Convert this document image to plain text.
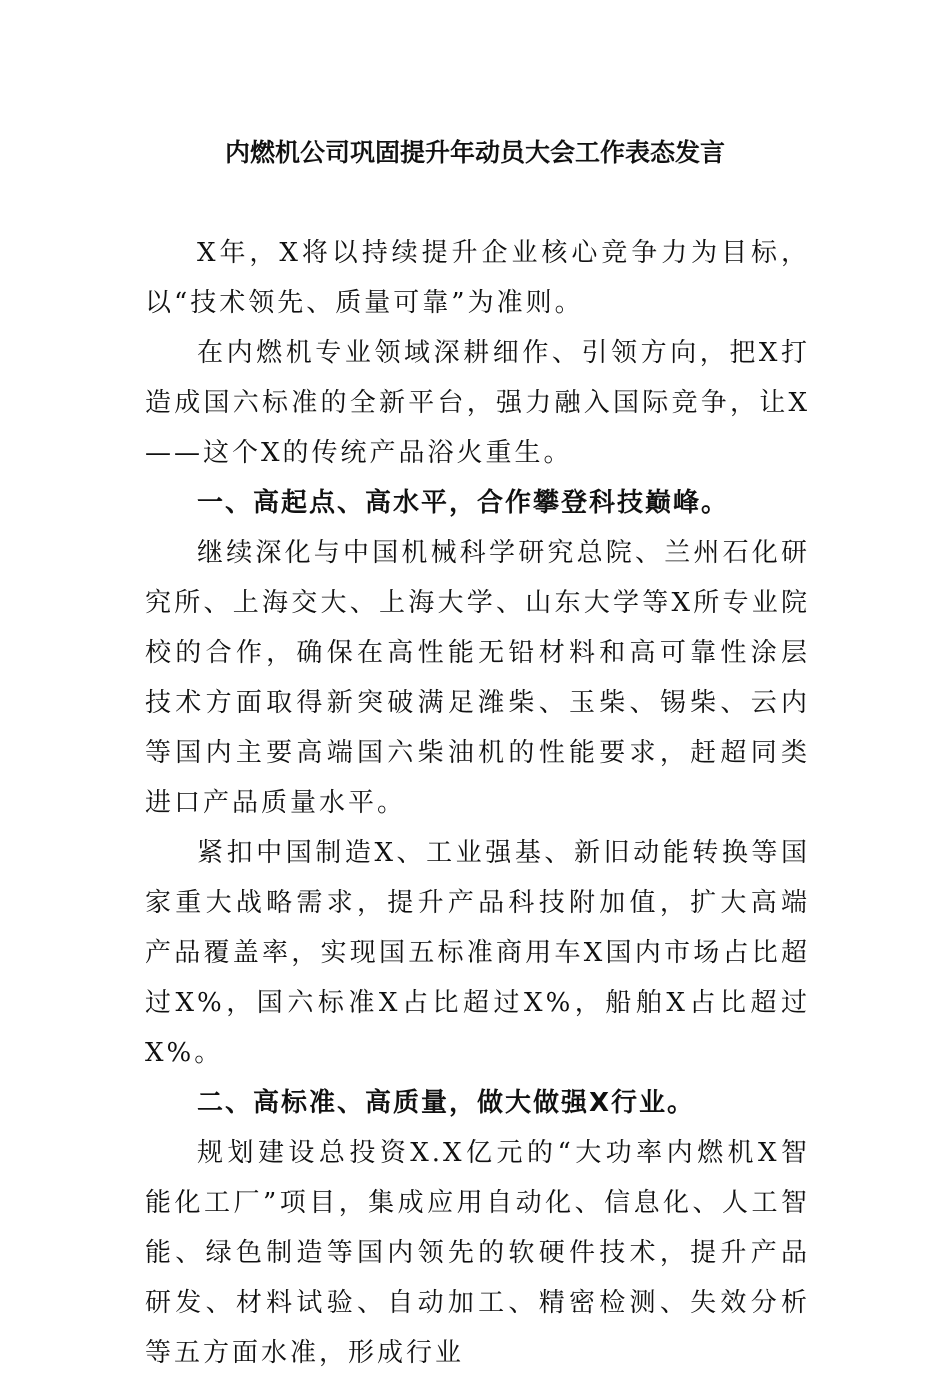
内燃机公司巩固提升年动员大会工作表态发言

X年，X将以持续提升企业核心竞争力为目标，以“技术领先、质量可靠”为准则。

在内燃机专业领域深耕细作、引领方向，把X打造成国六标准的全新平台，强力融入国际竞争，让X——这个X的传统产品浴火重生。

一、高起点、高水平，合作攀登科技巅峰。

继续深化与中国机械科学研究总院、兰州石化研究所、上海交大、上海大学、山东大学等X所专业院校的合作，确保在高性能无铅材料和高可靠性涂层技术方面取得新突破满足潍柴、玉柴、锡柴、云内等国内主要高端国六柴油机的性能要求，赶超同类进口产品质量水平。

紧扣中国制造X、工业强基、新旧动能转换等国家重大战略需求，提升产品科技附加值，扩大高端产品覆盖率，实现国五标准商用车X国内市场占比超过X%，国六标准X占比超过X%，船舶X占比超过X%。

二、高标准、高质量，做大做强X行业。

规划建设总投资X.X亿元的“大功率内燃机X智能化工厂”项目，集成应用自动化、信息化、人工智能、绿色制造等国内领先的软硬件技术，提升产品研发、材料试验、自动加工、精密检测、失效分析等五方面水准，形成行业
